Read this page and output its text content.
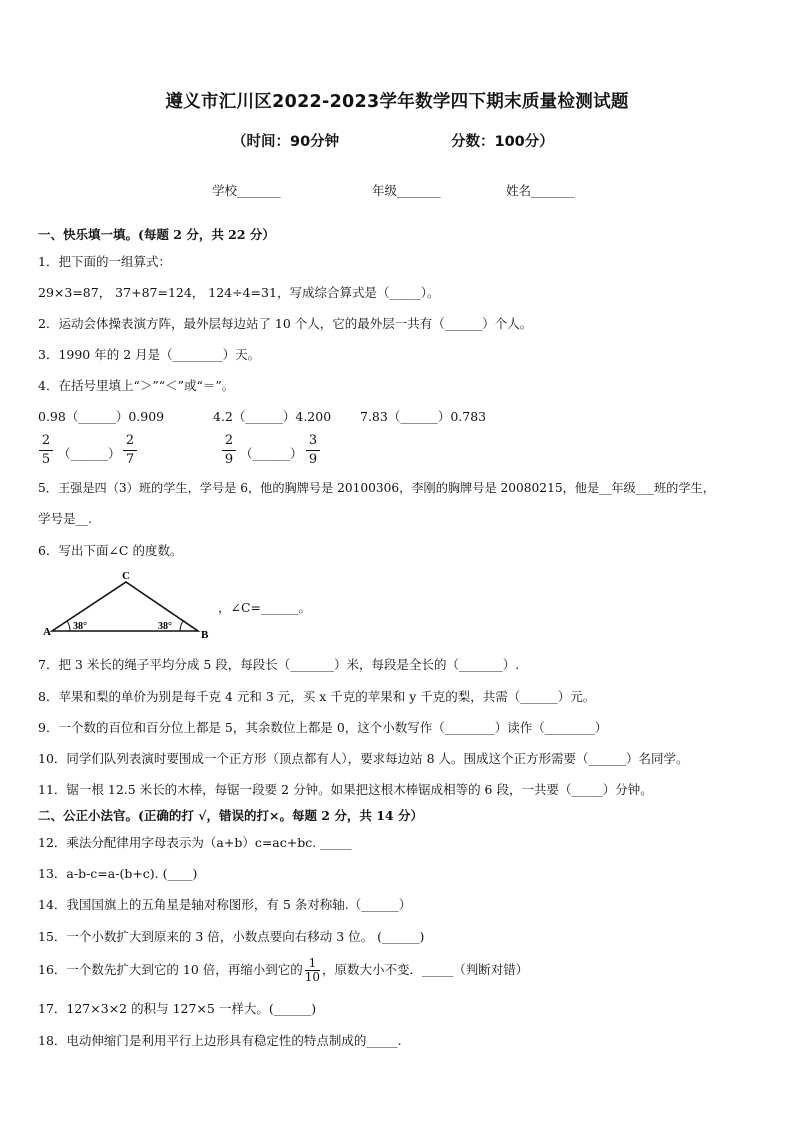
遵义市汇川区2022-2023学年数学四下期末质量检测试题
（时间：90分钟	分数：100分）
学校_______	年级_______	姓名_______
一、快乐填一填。(每题 2 分，共 22 分）
1．把下面的一组算式：
29×3=87， 37+87=124， 124÷4=31，写成综合算式是（_____）。
2．运动会体操表演方阵，最外层每边站了 10 个人，它的最外层一共有（______）个人。
3．1990 年的 2 月是（________）天。
4．在括号里填上“＞”“＜”或“＝”。
0.98（______）0.909	4.2（______）4.200 7.83（______）0.783
2
5 （______）
2
7
2
9 （______）
3
9
5．王强是四（3）班的学生，学号是 6，他的胸牌号是 20100306，李刚的胸牌号是 20080215，他是__年级___班的学生，
学号是__.
6．写出下面∠C 的度数。
A	B
C
38°	38°
，∠C=______。
7．把 3 米长的绳子平均分成 5 段，每段长（_______）米，每段是全长的（_______）.
8．苹果和梨的单价为别是每千克 4 元和 3 元，买 x 千克的苹果和 y 千克的梨，共需（______）元。
9．一个数的百位和百分位上都是 5，其余数位上都是 0，这个小数写作（________）读作（________）
10．同学们队列表演时要围成一个正方形（顶点都有人），要求每边站 8 人。围成这个正方形需要（______）名同学。
11．锯一根 12.5 米长的木棒，每锯一段要 2 分钟。如果把这根木棒锯成相等的 6 段，一共要（_____）分钟。
二、公正小法官。(正确的打 √，错误的打×。每题 2 分，共 14 分）
12．乘法分配律用字母表示为（a+b）c=ac+bc. _____
13．a-b-c=a-(b+c). (____)
14．我国国旗上的五角星是轴对称图形，有 5 条对称轴.（______）
15．一个小数扩大到原来的 3 倍，小数点要向右移动 3 位。 (______)
16．一个数先扩大到它的 10 倍，再缩小到它的 $\frac{1}{10}$ ，原数大小不变．_____（判断对错）
17．127×3×2 的积与 127×5 一样大。(______)
18．电动伸缩门是利用平行上边形具有稳定性的特点制成的_____.
